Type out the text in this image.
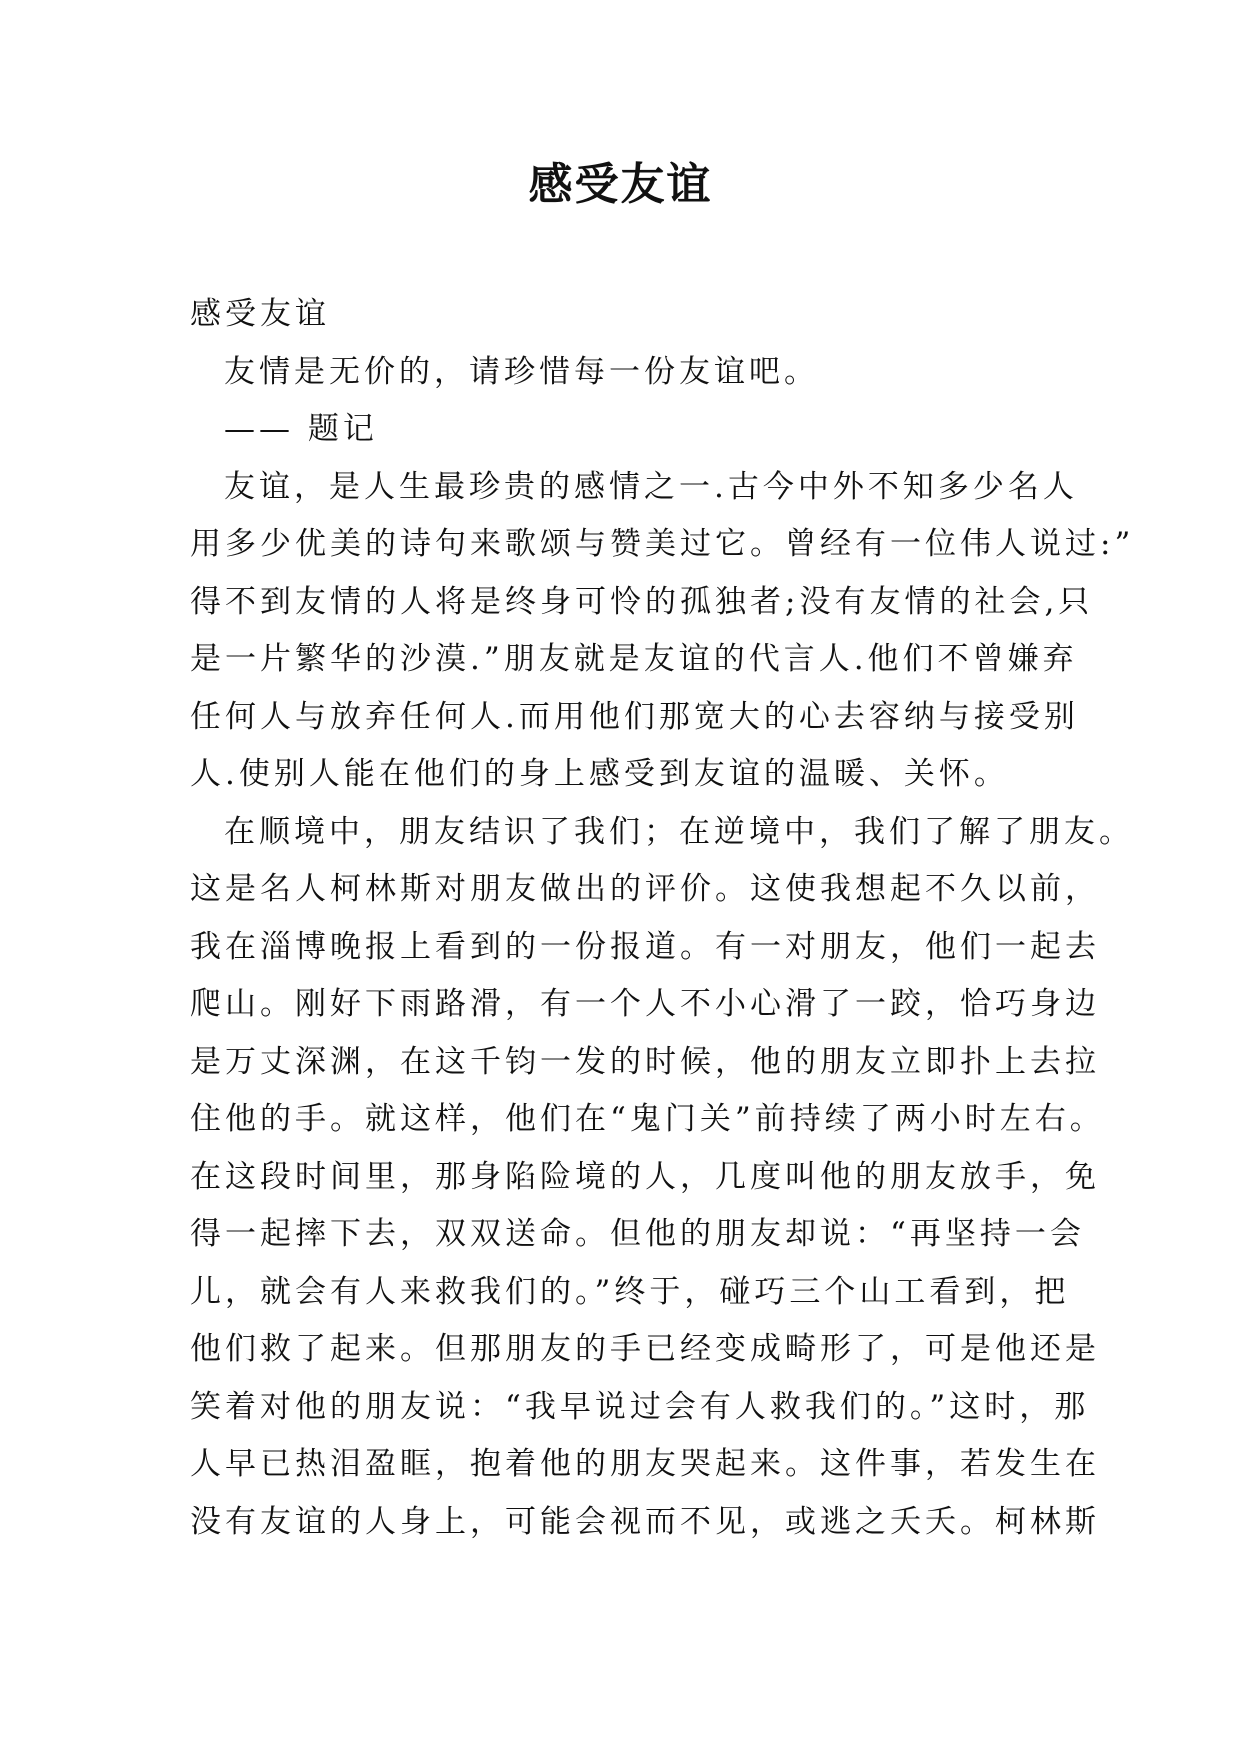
感受友谊

感受友谊

友情是无价的，请珍惜每一份友谊吧。

—— 题记

友谊，是人生最珍贵的感情之一.古今中外不知多少名人
用多少优美的诗句来歌颂与赞美过它。曾经有一位伟人说过:”
得不到友情的人将是终身可怜的孤独者;没有友情的社会,只
是一片繁华的沙漠.”朋友就是友谊的代言人.他们不曾嫌弃
任何人与放弃任何人.而用他们那宽大的心去容纳与接受别
人.使别人能在他们的身上感受到友谊的温暖、关怀。

在顺境中，朋友结识了我们；在逆境中，我们了解了朋友。
这是名人柯林斯对朋友做出的评价。这使我想起不久以前，
我在淄博晚报上看到的一份报道。有一对朋友，他们一起去
爬山。刚好下雨路滑，有一个人不小心滑了一跤，恰巧身边
是万丈深渊，在这千钧一发的时候，他的朋友立即扑上去拉
住他的手。就这样，他们在“鬼门关”前持续了两小时左右。
在这段时间里，那身陷险境的人，几度叫他的朋友放手，免
得一起摔下去，双双送命。但他的朋友却说：“再坚持一会
儿，就会有人来救我们的。”终于，碰巧三个山工看到，把
他们救了起来。但那朋友的手已经变成畸形了，可是他还是
笑着对他的朋友说：“我早说过会有人救我们的。”这时，那
人早已热泪盈眶，抱着他的朋友哭起来。这件事，若发生在
没有友谊的人身上，可能会视而不见，或逃之夭夭。柯林斯
